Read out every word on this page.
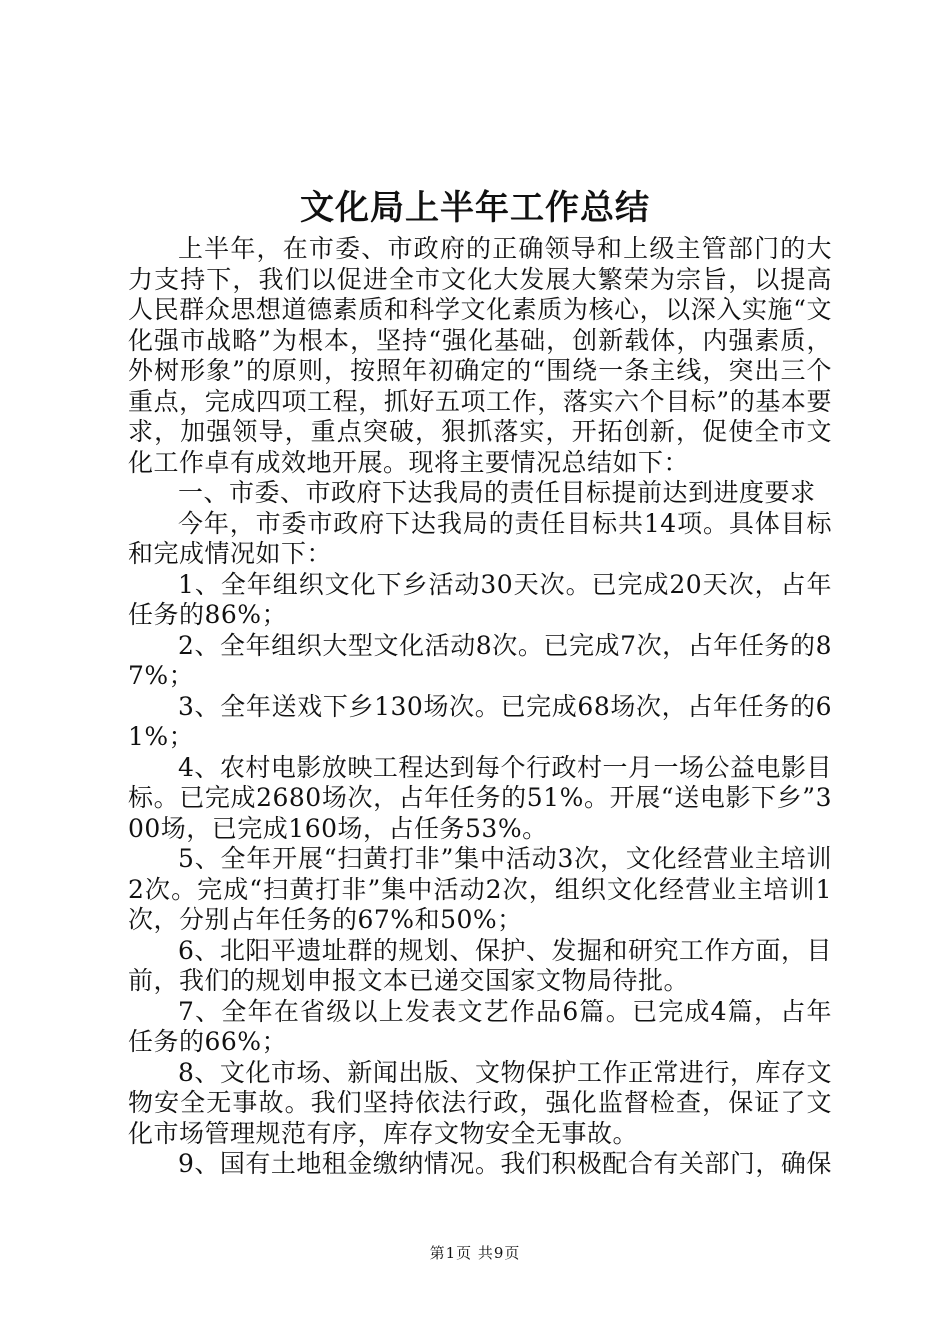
文化局上半年工作总结

上半年，在市委、市政府的正确领导和上级主管部门的大力支持下，我们以促进全市文化大发展大繁荣为宗旨，以提高人民群众思想道德素质和科学文化素质为核心，以深入实施“文化强市战略”为根本，坚持“强化基础，创新载体，内强素质，外树形象”的原则，按照年初确定的“围绕一条主线，突出三个重点，完成四项工程，抓好五项工作，落实六个目标”的基本要求，加强领导，重点突破，狠抓落实，开拓创新，促使全市文化工作卓有成效地开展。现将主要情况总结如下：

一、市委、市政府下达我局的责任目标提前达到进度要求

今年，市委市政府下达我局的责任目标共14项。具体目标和完成情况如下：

1、全年组织文化下乡活动30天次。已完成20天次，占年任务的86%；

2、全年组织大型文化活动8次。已完成7次，占年任务的87%；

3、全年送戏下乡130场次。已完成68场次，占年任务的61%；

4、农村电影放映工程达到每个行政村一月一场公益电影目标。已完成2680场次，占年任务的51%。开展“送电影下乡”300场，已完成160场，占任务53%。

5、全年开展“扫黄打非”集中活动3次，文化经营业主培训2次。完成“扫黄打非”集中活动2次，组织文化经营业主培训1次，分别占年任务的67%和50%；

6、北阳平遗址群的规划、保护、发掘和研究工作方面，目前，我们的规划申报文本已递交国家文物局待批。

7、全年在省级以上发表文艺作品6篇。已完成4篇，占年任务的66%；

8、文化市场、新闻出版、文物保护工作正常进行，库存文物安全无事故。我们坚持依法行政，强化监督检查，保证了文化市场管理规范有序，库存文物安全无事故。

9、国有土地租金缴纳情况。我们积极配合有关部门，确保

第1页 共9页
